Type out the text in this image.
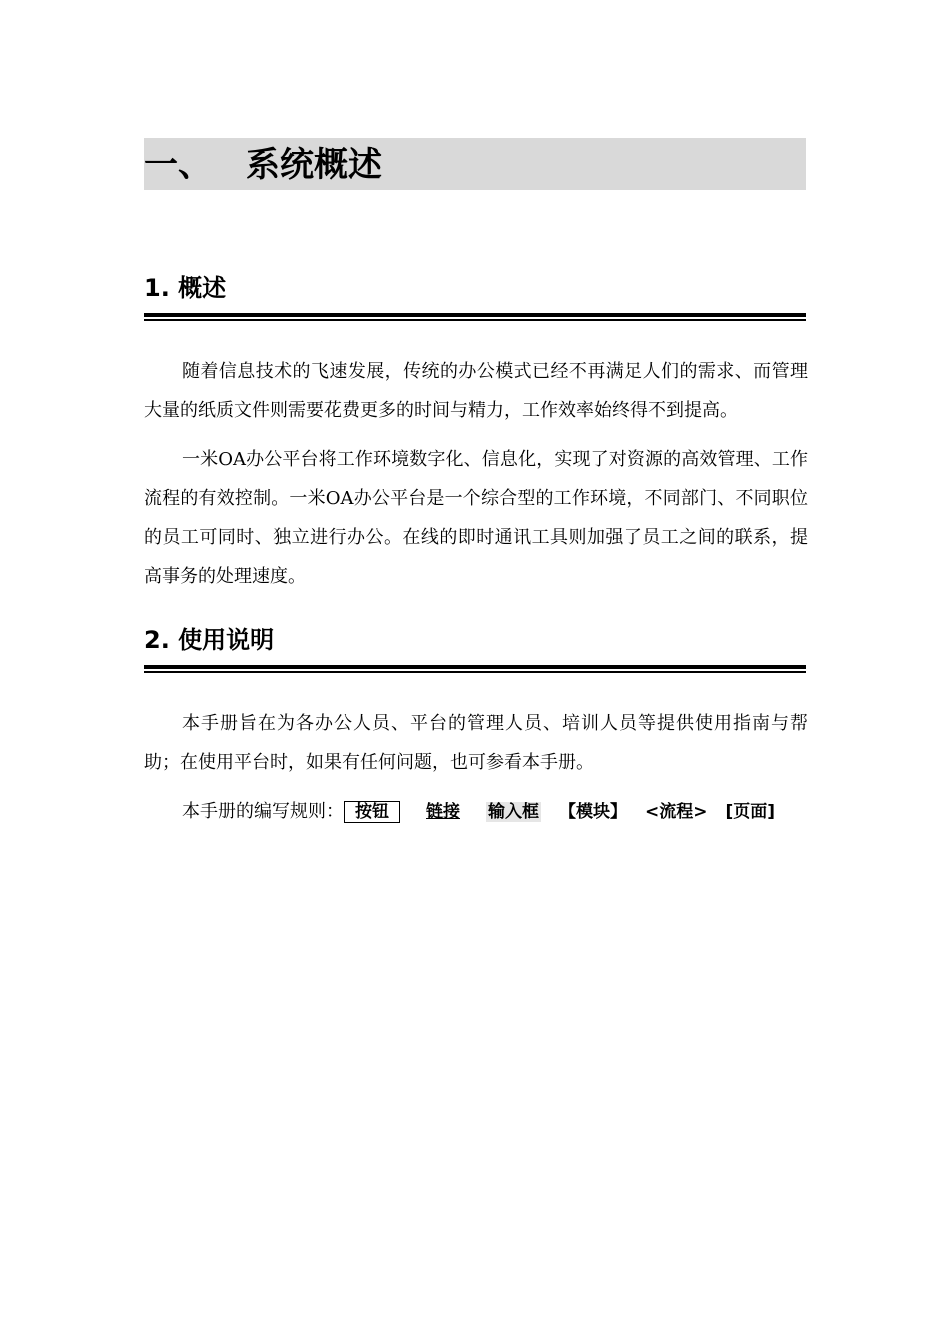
一、 系统概述
1. 概述

随着信息技术的飞速发展，传统的办公模式已经不再满足人们的需求、而管理大量的纸质文件则需要花费更多的时间与精力，工作效率始终得不到提高。

一米OA办公平台将工作环境数字化、信息化，实现了对资源的高效管理、工作流程的有效控制。一米OA办公平台是一个综合型的工作环境，不同部门、不同职位的员工可同时、独立进行办公。在线的即时通讯工具则加强了员工之间的联系，提高事务的处理速度。

2. 使用说明

本手册旨在为各办公人员、平台的管理人员、培训人员等提供使用指南与帮助；在使用平台时，如果有任何问题，也可参看本手册。

本手册的编写规则： 按钮 链接 输入框 【模块】 <流程> [页面]
